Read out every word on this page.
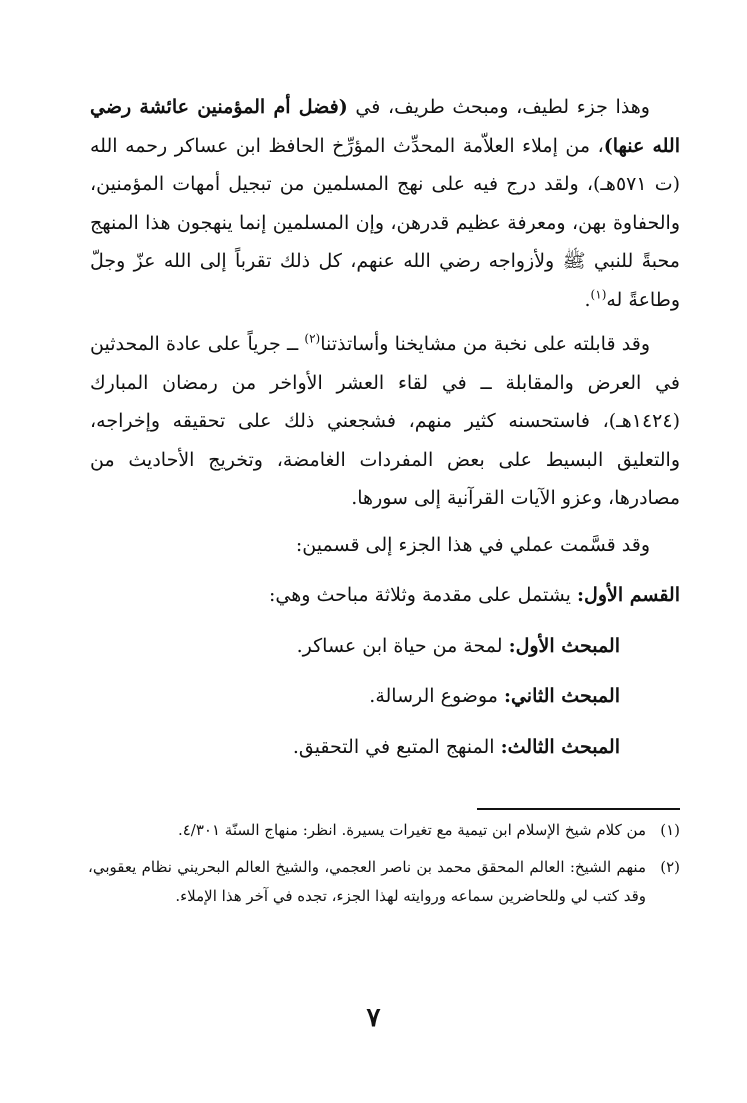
وهذا جزء لطيف، ومبحث طريف، في (فضل أم المؤمنين عائشة رضي الله عنها)، من إملاء العلاّمة المحدِّث المؤرِّخ الحافظ ابن عساكر رحمه الله (ت ٥٧١هـ)، ولقد درج فيه على نهج المسلمين من تبجيل أمهات المؤمنين، والحفاوة بهن، ومعرفة عظيم قدرهن، وإن المسلمين إنما ينهجون هذا المنهج محبةً للنبي ﷺ ولأزواجه رضي الله عنهم، كل ذلك تقرباً إلى الله عزّ وجلّ وطاعةً له$^{(١)}$.

وقد قابلته على نخبة من مشايخنا وأساتذتنا$^{(٢)}$ ــ جرياً على عادة المحدثين في العرض والمقابلة ــ في لقاء العشر الأواخر من رمضان المبارك (١٤٢٤هـ)، فاستحسنه كثير منهم، فشجعني ذلك على تحقيقه وإخراجه، والتعليق البسيط على بعض المفردات الغامضة، وتخريج الأحاديث من مصادرها، وعزو الآيات القرآنية إلى سورها.

وقد قسَّمت عملي في هذا الجزء إلى قسمين:

القسم الأول: يشتمل على مقدمة وثلاثة مباحث وهي:
المبحث الأول: لمحة من حياة ابن عساكر.
المبحث الثاني: موضوع الرسالة.
المبحث الثالث: المنهج المتبع في التحقيق.

(١)
من كلام شيخ الإسلام ابن تيمية مع تغيرات يسيرة. انظر: منهاج السنّة ٤/٣٠١.

(٢)
منهم الشيخ: العالم المحقق محمد بن ناصر العجمي، والشيخ العالم البحريني نظام يعقوبي، وقد كتب لي وللحاضرين سماعه وروايته لهذا الجزء، تجده في آخر هذا الإملاء.

٧
